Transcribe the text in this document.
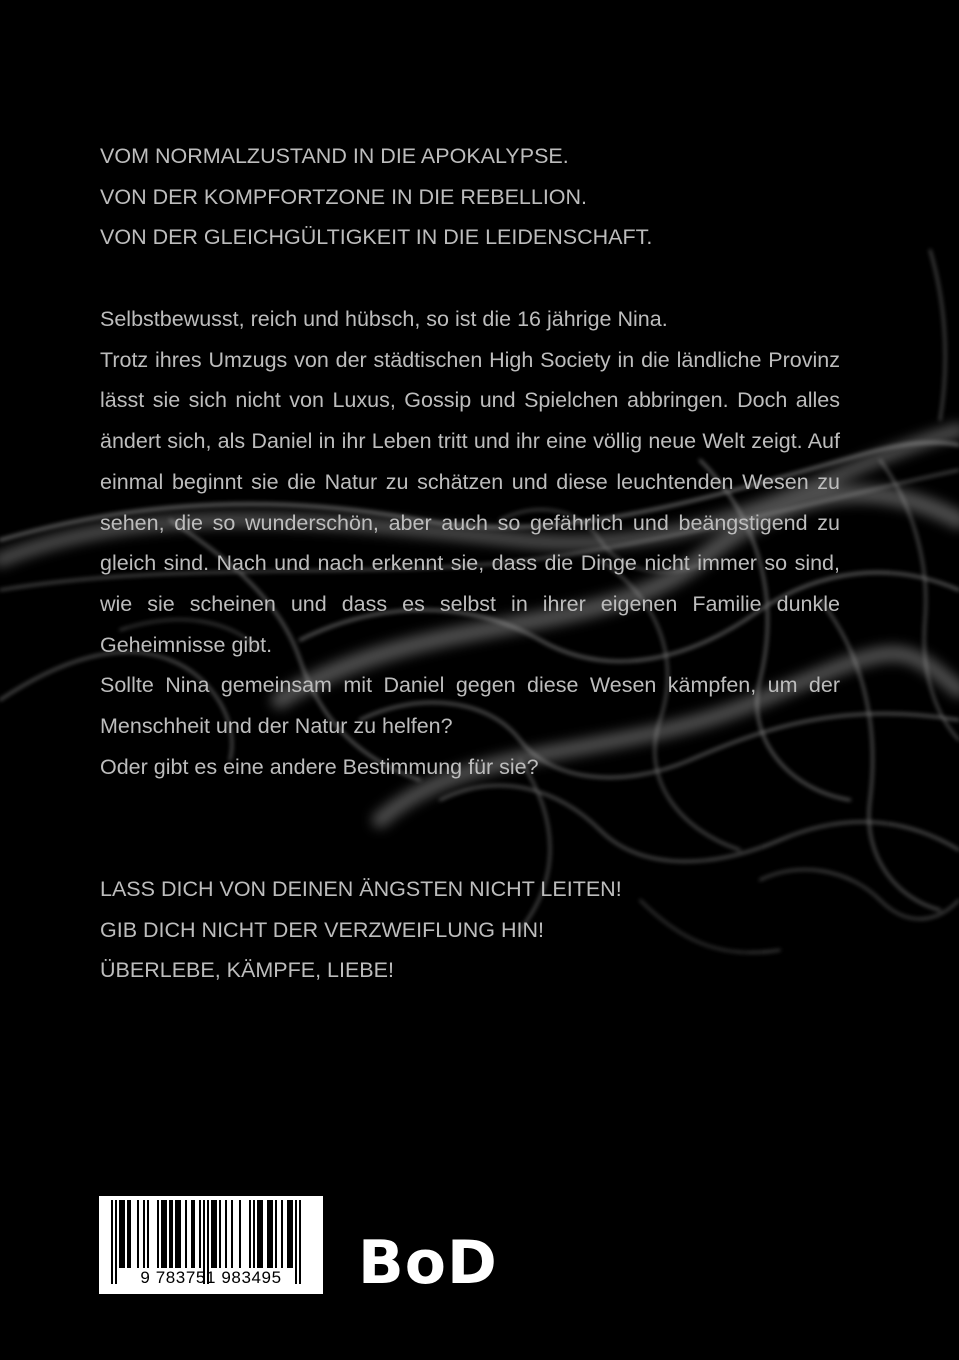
VOM NORMALZUSTAND IN DIE APOKALYPSE.
VON DER KOMPFORTZONE IN DIE REBELLION.
VON DER GLEICHGÜLTIGKEIT IN DIE LEIDENSCHAFT.

Selbstbewusst, reich und hübsch, so ist die 16 jährige Nina.

Trotz ihres Umzugs von der städtischen High Society in die ländliche Provinz lässt sie sich nicht von Luxus, Gossip und Spielchen abbringen. Doch alles ändert sich, als Daniel in ihr Leben tritt und ihr eine völlig neue Welt zeigt. Auf einmal beginnt sie die Natur zu schätzen und diese leuchtenden Wesen zu sehen, die so wunderschön, aber auch so gefährlich und beängstigend zu gleich sind. Nach und nach erkennt sie, dass die Dinge nicht immer so sind, wie sie scheinen und dass es selbst in ihrer eigenen Familie dunkle Geheimnisse gibt.

Sollte Nina gemeinsam mit Daniel gegen diese Wesen kämpfen, um der Menschheit und der Natur zu helfen?

Oder gibt es eine andere Bestimmung für sie?

LASS DICH VON DEINEN ÄNGSTEN NICHT LEITEN!
GIB DICH NICHT DER VERZWEIFLUNG HIN!
ÜBERLEBE, KÄMPFE, LIEBE!
9 783751 983495	BoD
